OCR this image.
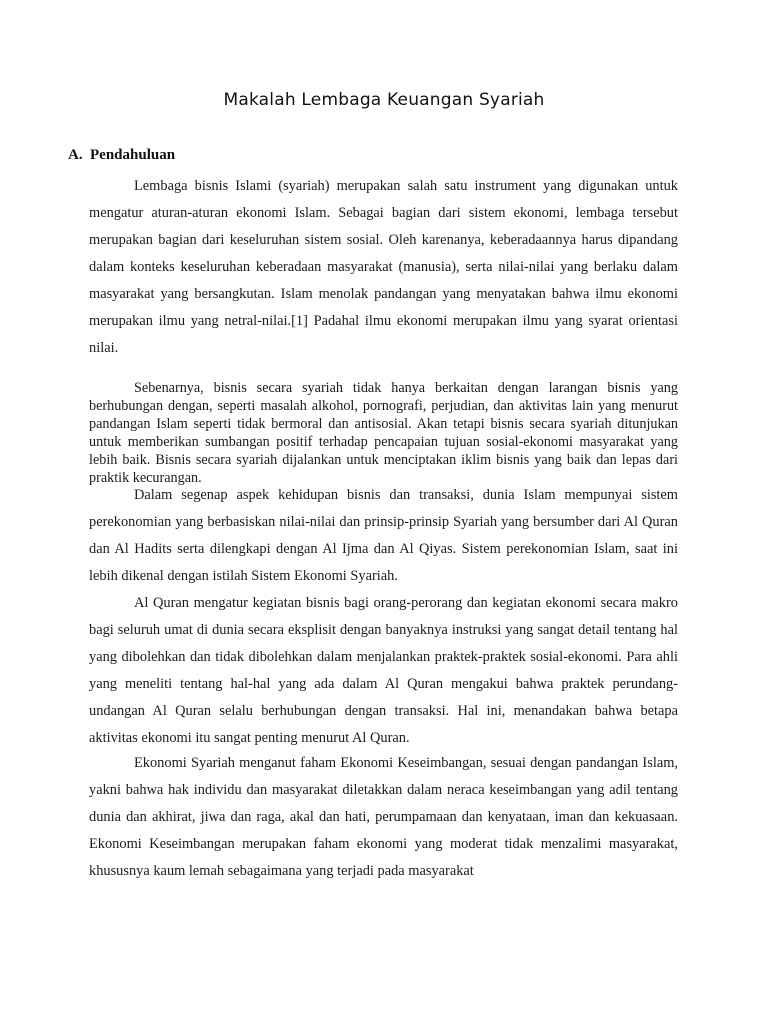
Makalah Lembaga Keuangan Syariah
A. Pendahuluan

Lembaga bisnis Islami (syariah) merupakan salah satu instrument yang digunakan untuk mengatur aturan-aturan ekonomi Islam. Sebagai bagian dari sistem ekonomi, lembaga tersebut merupakan bagian dari keseluruhan sistem sosial. Oleh karenanya, keberadaannya harus dipandang dalam konteks keseluruhan keberadaan masyarakat (manusia), serta nilai-nilai yang berlaku dalam masyarakat yang bersangkutan. Islam menolak pandangan yang menyatakan bahwa ilmu ekonomi merupakan ilmu yang netral-nilai.[1] Padahal ilmu ekonomi merupakan ilmu yang syarat orientasi nilai.

Sebenarnya, bisnis secara syariah tidak hanya berkaitan dengan larangan bisnis yang berhubungan dengan, seperti masalah alkohol, pornografi, perjudian, dan aktivitas lain yang menurut pandangan Islam seperti tidak bermoral dan antisosial. Akan tetapi bisnis secara syariah ditunjukan untuk memberikan sumbangan positif terhadap pencapaian tujuan sosial-ekonomi masyarakat yang lebih baik. Bisnis secara syariah dijalankan untuk menciptakan iklim bisnis yang baik dan lepas dari praktik kecurangan.

Dalam segenap aspek kehidupan bisnis dan transaksi, dunia Islam mempunyai sistem perekonomian yang berbasiskan nilai-nilai dan prinsip-prinsip Syariah yang bersumber dari Al Quran dan Al Hadits serta dilengkapi dengan Al Ijma dan Al Qiyas. Sistem perekonomian Islam, saat ini lebih dikenal dengan istilah Sistem Ekonomi Syariah.

Al Quran mengatur kegiatan bisnis bagi orang-perorang dan kegiatan ekonomi secara makro bagi seluruh umat di dunia secara eksplisit dengan banyaknya instruksi yang sangat detail tentang hal yang dibolehkan dan tidak dibolehkan dalam menjalankan praktek-praktek sosial-ekonomi. Para ahli yang meneliti tentang hal-hal yang ada dalam Al Quran mengakui bahwa praktek perundang-undangan Al Quran selalu berhubungan dengan transaksi. Hal ini, menandakan bahwa betapa aktivitas ekonomi itu sangat penting menurut Al Quran.

Ekonomi Syariah menganut faham Ekonomi Keseimbangan, sesuai dengan pandangan Islam, yakni bahwa hak individu dan masyarakat diletakkan dalam neraca keseimbangan yang adil tentang dunia dan akhirat, jiwa dan raga, akal dan hati, perumpamaan dan kenyataan, iman dan kekuasaan. Ekonomi Keseimbangan merupakan faham ekonomi yang moderat tidak menzalimi masyarakat, khususnya kaum lemah sebagaimana yang terjadi pada masyarakat
